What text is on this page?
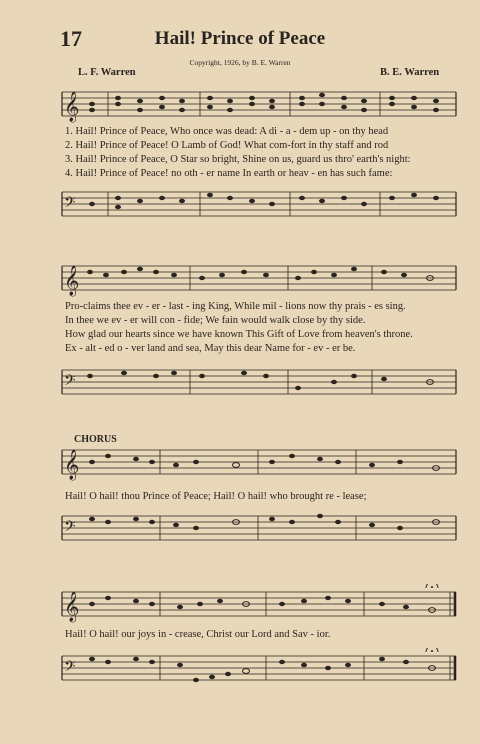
17	Hail! Prince of Peace
Copyright, 1926, by B. E. Warren
L. F. Warren	B. E. Warren
𝄞
1. Hail! Prince of Peace, Who once was dead: A di - a - dem up - on thy head
2. Hail! Prince of Peace! O Lamb of God! What com-fort in thy staff and rod
3. Hail! Prince of Peace, O Star so bright, Shine on us, guard us thro' earth's night:
4. Hail! Prince of Peace! no oth - er name In earth or heav - en has such fame:
𝄢
𝄞
Pro-claims thee ev - er - last - ing King, While mil - lions now thy prais - es sing.
In thee we ev - er will con - fide; We fain would walk close by thy side.
How glad our hearts since we have known This Gift of Love from heaven's throne.
Ex - alt - ed o - ver land and sea, May this dear Name for - ev - er be.
𝄢
CHORUS
𝄞
Hail! O hail! thou Prince of Peace; Hail! O hail! who brought re - lease;
𝄢
𝄞
Hail! O hail! our joys in - crease, Christ our Lord and Sav - ior.
𝄢
